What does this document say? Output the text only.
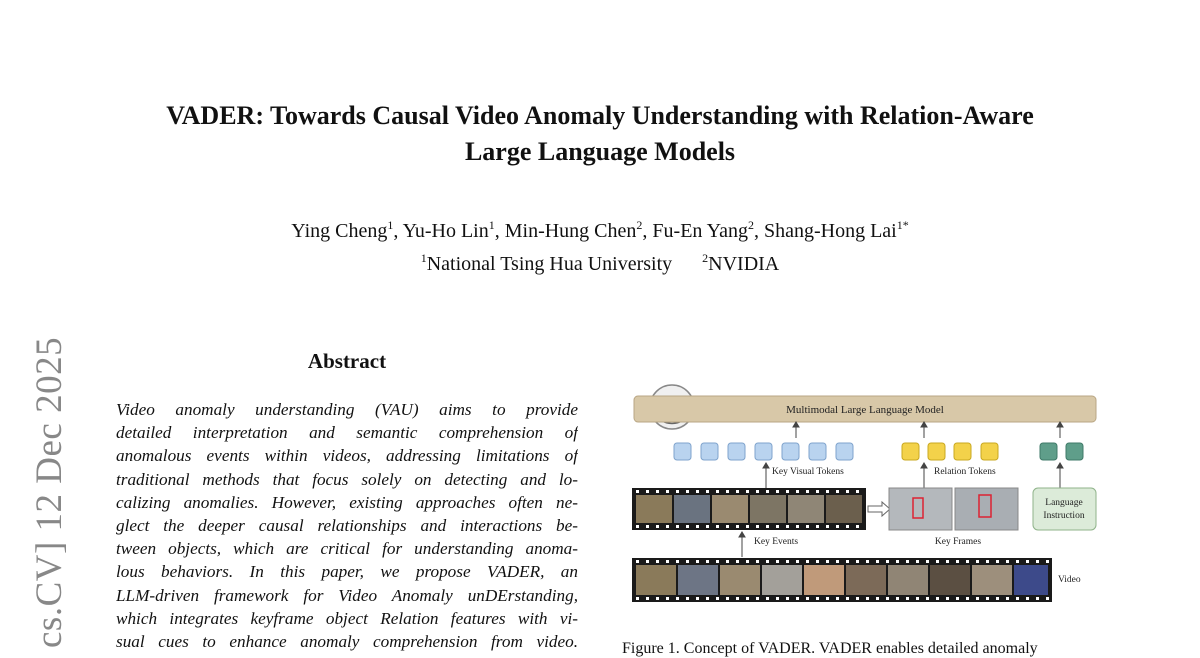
cs.CV] 12 Dec 2025
VADER: Towards Causal Video Anomaly Understanding with Relation-Aware
Large Language Models
Ying Cheng$^1$, Yu-Ho Lin$^1$, Min-Hung Chen$^2$, Fu-En Yang$^2$, Shang-Hong Lai$^{1*}$
$^1$National Tsing Hua University	$^2$NVIDIA
Abstract
Video anomaly understanding (VAU) aims to provide
detailed interpretation and semantic comprehension of
anomalous events within videos, addressing limitations of
traditional methods that focus solely on detecting and lo-
calizing anomalies. However, existing approaches often ne-
glect the deeper causal relationships and interactions be-
tween objects, which are critical for understanding anoma-
lous behaviors. In this paper, we propose VADER, an
LLM-driven framework for Video Anomaly unDErstanding,
which integrates keyframe object Relation features with vi-
sual cues to enhance anomaly comprehension from video.
Multimodal Large Language Model
Key Visual Tokens	Relation Tokens
Language
Instruction
Key Events	Key Frames
Video
Figure 1. Concept of VADER. VADER enables detailed anomaly
